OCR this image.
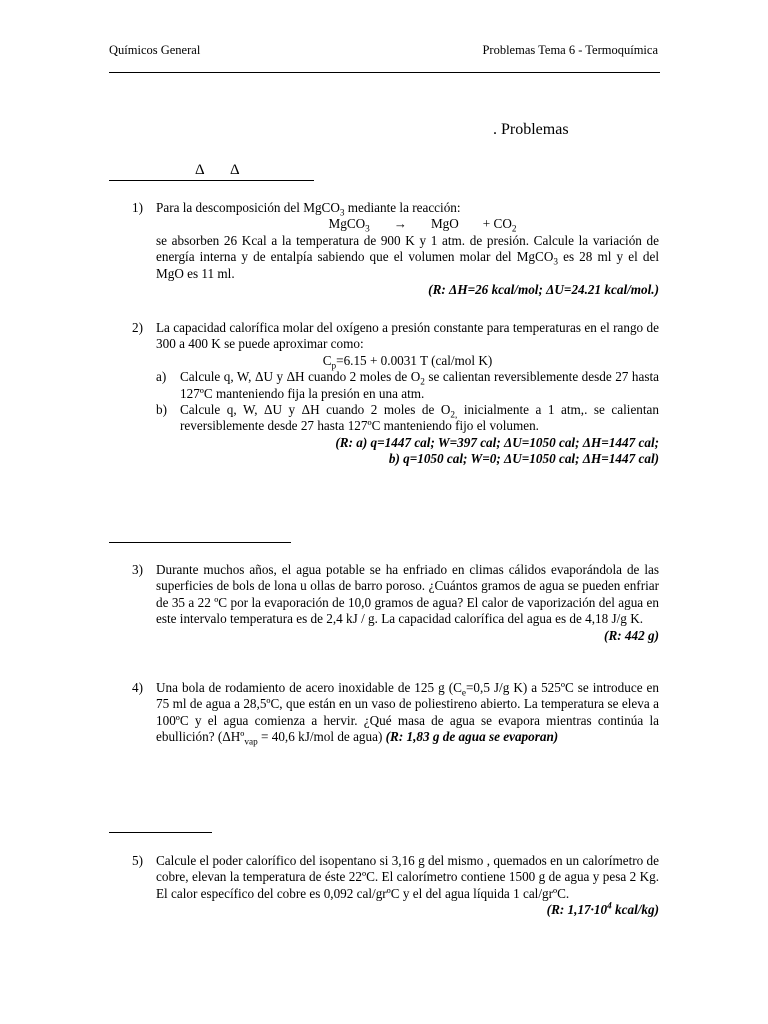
Químicos General	Problemas Tema 6 - Termoquímica
. Problemas
Δ Δ
1) Para la descomposición del MgCO$_3$ mediante la reacción:
MgCO$_3$ → MgO + $CO_2$
se absorben 26 Kcal a la temperatura de 900 K y 1 atm. de presión. Calcule la variación de energía interna y de entalpía sabiendo que el volumen molar del MgCO$_3$ es 28 ml y el del MgO es 11 ml.
(R: ΔH=26 kcal/mol; ΔU=24.21 kcal/mol.)
2) La capacidad calorífica molar del oxígeno a presión constante para temperaturas en el rango de 300 a 400 K se puede aproximar como:
$C_p=6.15 + 0.0031$ T (cal/mol K)
a)	Calcule q, W, ΔU y ΔH cuando 2 moles de $O_2$ se calientan reversiblemente desde 27 hasta 127ºC manteniendo fija la presión en una atm.
b) Calcule q, W, ΔU y ΔH cuando 2 moles de $O_{2,}$ inicialmente a 1 atm,. se calientan reversiblemente desde 27 hasta 127ºC manteniendo fijo el volumen.
(R: a) q=1447 cal; W=397 cal; ΔU=1050 cal; ΔH=1447 cal;
b) q=1050 cal; W=0; ΔU=1050 cal; ΔH=1447 cal)
3) Durante muchos años, el agua potable se ha enfriado en climas cálidos evaporándola de las superficies de bols de lona u ollas de barro poroso. ¿Cuántos gramos de agua se pueden enfriar de 35 a 22 ºC por la evaporación de 10,0 gramos de agua? El calor de vaporización del agua en este intervalo temperatura es de 2,4 kJ / g. La capacidad calorífica del agua es de 4,18 J/g K.
(R: 442 g)
4) Una bola de rodamiento de acero inoxidable de 125 g ($C_e=0,5$ J/g K) a 525ºC se introduce en 75 ml de agua a 28,5ºC, que están en un vaso de poliestireno abierto. La temperatura se eleva a 100ºC y el agua comienza a hervir. ¿Qué masa de agua se evapora mientras continúa la ebullición? (ΔHº$_{vap}$ = 40,6 kJ/mol de agua) (R: 1,83 g de agua se evaporan)
5) Calcule el poder calorífico del isopentano si 3,16 g del mismo , quemados en un calorímetro de cobre, elevan la temperatura de éste 22ºC. El calorímetro contiene 1500 g de agua y pesa 2 Kg. El calor específico del cobre es 0,092 cal/grºC y el del agua líquida 1 cal/grºC.
(R: $1,17\cdot 10^4$ kcal/kg)
